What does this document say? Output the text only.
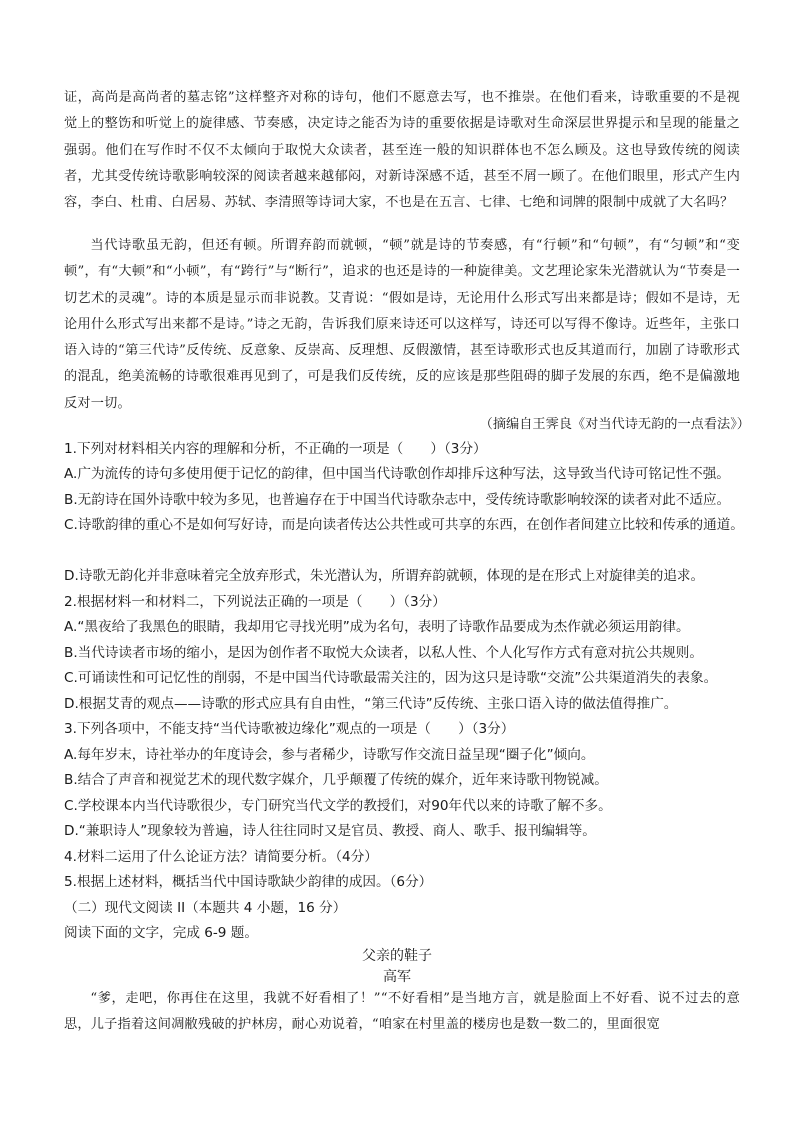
证，高尚是高尚者的墓志铭”这样整齐对称的诗句，他们不愿意去写，也不推崇。在他们看来，诗歌重要的不是视觉上的整饬和听觉上的旋律感、节奏感，决定诗之能否为诗的重要依据是诗歌对生命深层世界提示和呈现的能量之强弱。他们在写作时不仅不太倾向于取悦大众读者，甚至连一般的知识群体也不怎么顾及。这也导致传统的阅读者，尤其受传统诗歌影响较深的阅读者越来越郁闷，对新诗深感不适，甚至不屑一顾了。在他们眼里，形式产生内容，李白、杜甫、白居易、苏轼、李清照等诗词大家，不也是在五言、七律、七绝和词牌的限制中成就了大名吗？

当代诗歌虽无韵，但还有顿。所谓弃韵而就顿，“顿”就是诗的节奏感，有“行顿”和“句顿”，有“匀顿”和“变顿”，有“大顿”和“小顿”，有“跨行”与“断行”，追求的也还是诗的一种旋律美。文艺理论家朱光潜就认为“节奏是一切艺术的灵魂”。诗的本质是显示而非说教。艾青说：“假如是诗，无论用什么形式写出来都是诗；假如不是诗，无论用什么形式写出来都不是诗。”诗之无韵，告诉我们原来诗还可以这样写，诗还可以写得不像诗。近些年，主张口语入诗的“第三代诗”反传统、反意象、反崇高、反理想、反假激情，甚至诗歌形式也反其道而行，加剧了诗歌形式的混乱，绝美流畅的诗歌很难再见到了，可是我们反传统，反的应该是那些阻碍的脚子发展的东西，绝不是偏激地反对一切。

（摘编自王霁良《对当代诗无韵的一点看法》）

1.下列对材料相关内容的理解和分析，不正确的一项是（　　）（3分）

A.广为流传的诗句多使用便于记忆的韵律，但中国当代诗歌创作却排斥这种写法，这导致当代诗可铭记性不强。

B.无韵诗在国外诗歌中较为多见，也普遍存在于中国当代诗歌杂志中，受传统诗歌影响较深的读者对此不适应。

C.诗歌韵律的重心不是如何写好诗，而是向读者传达公共性或可共享的东西，在创作者间建立比较和传承的通道。

D.诗歌无韵化并非意味着完全放弃形式，朱光潜认为，所谓弃韵就顿，体现的是在形式上对旋律美的追求。

2.根据材料一和材料二，下列说法正确的一项是（　　）（3分）

A.“黑夜给了我黑色的眼睛，我却用它寻找光明”成为名句，表明了诗歌作品要成为杰作就必须运用韵律。

B.当代诗读者市场的缩小，是因为创作者不取悦大众读者，以私人性、个人化写作方式有意对抗公共规则。

C.可诵读性和可记忆性的削弱，不是中国当代诗歌最需关注的，因为这只是诗歌“交流”公共渠道消失的表象。

D.根据艾青的观点——诗歌的形式应具有自由性，“第三代诗”反传统、主张口语入诗的做法值得推广。

3.下列各项中，不能支持“当代诗歌被边缘化”观点的一项是（　　）（3分）

A.每年岁末，诗社举办的年度诗会，参与者稀少，诗歌写作交流日益呈现“圈子化”倾向。

B.结合了声音和视觉艺术的现代数字媒介，几乎颠覆了传统的媒介，近年来诗歌刊物锐减。

C.学校课本内当代诗歌很少，专门研究当代文学的教授们，对90年代以来的诗歌了解不多。

D.“兼职诗人”现象较为普遍，诗人往往同时又是官员、教授、商人、歌手、报刊编辑等。

4.材料二运用了什么论证方法？请简要分析。（4分）

5.根据上述材料，概括当代中国诗歌缺少韵律的成因。（6分）

（二）现代文阅读 II（本题共 4 小题，16 分）
阅读下面的文字，完成 6-9 题。
父亲的鞋子
高军

“爹，走吧，你再住在这里，我就不好看相了！”“不好看相”是当地方言，就是脸面上不好看、说不过去的意思，儿子指着这间凋敝残破的护林房，耐心劝说着，“咱家在村里盖的楼房也是数一数二的，里面很宽
